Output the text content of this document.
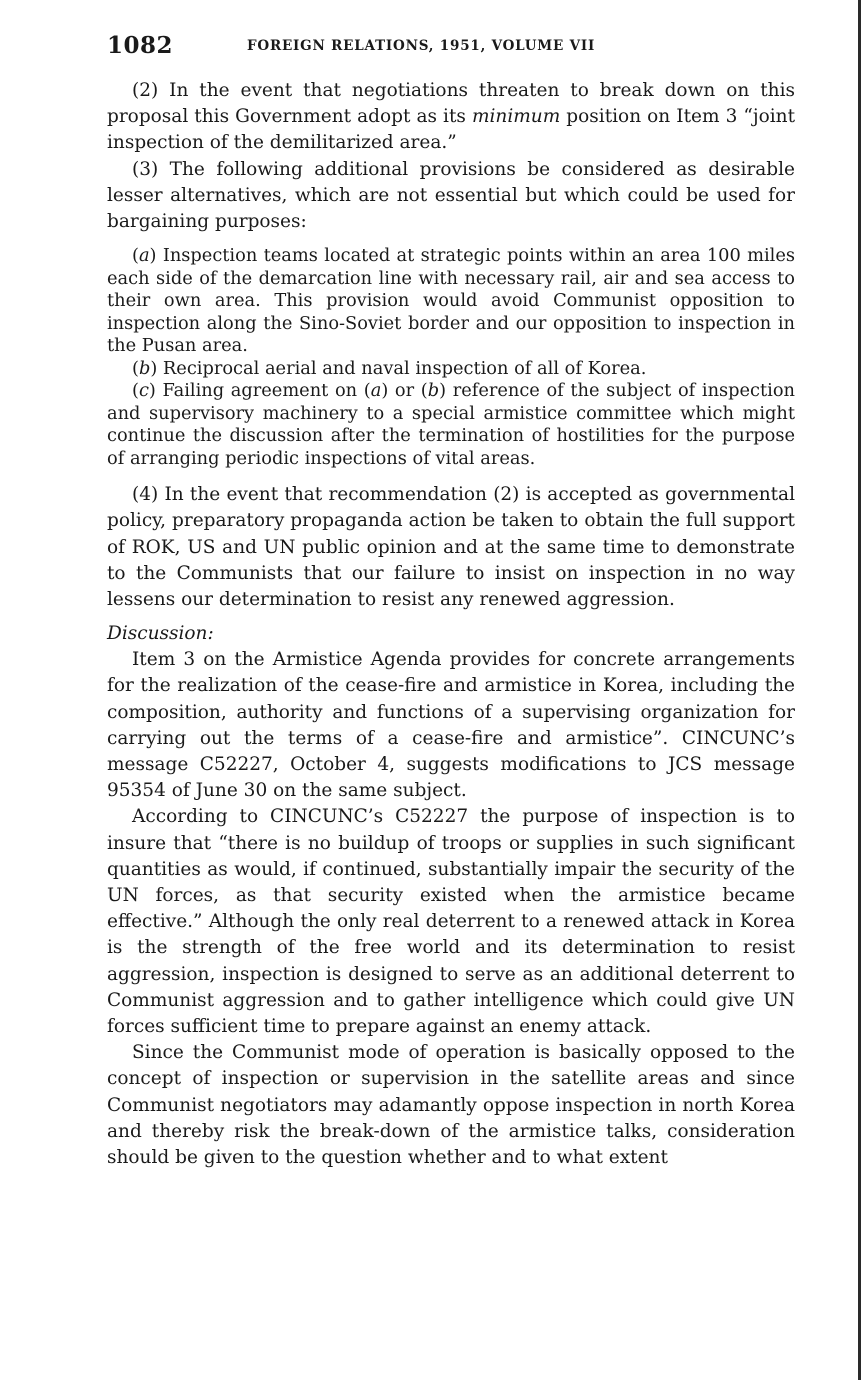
1082	FOREIGN RELATIONS, 1951, VOLUME VII

(2) In the event that negotiations threaten to break down on this proposal this Government adopt as its minimum position on Item 3 “joint inspection of the demilitarized area.”

(3) The following additional provisions be considered as desirable lesser alternatives, which are not essential but which could be used for bargaining purposes:

(a) Inspection teams located at strategic points within an area 100 miles each side of the demarcation line with necessary rail, air and sea access to their own area. This provision would avoid Communist opposition to inspection along the Sino-Soviet border and our opposition to inspection in the Pusan area.

(b) Reciprocal aerial and naval inspection of all of Korea.

(c) Failing agreement on (a) or (b) reference of the subject of inspection and supervisory machinery to a special armistice committee which might continue the discussion after the termination of hostilities for the purpose of arranging periodic inspections of vital areas.

(4) In the event that recommendation (2) is accepted as governmental policy, preparatory propaganda action be taken to obtain the full support of ROK, US and UN public opinion and at the same time to demonstrate to the Communists that our failure to insist on inspection in no way lessens our determination to resist any renewed aggression.

Discussion:

Item 3 on the Armistice Agenda provides for concrete arrangements for the realization of the cease-fire and armistice in Korea, including the composition, authority and functions of a supervising organization for carrying out the terms of a cease-fire and armistice”. CINCUNC’s message C52227, October 4, suggests modifications to JCS message 95354 of June 30 on the same subject.

According to CINCUNC’s C52227 the purpose of inspection is to insure that “there is no buildup of troops or supplies in such significant quantities as would, if continued, substantially impair the security of the UN forces, as that security existed when the armistice became effective.” Although the only real deterrent to a renewed attack in Korea is the strength of the free world and its determination to resist aggression, inspection is designed to serve as an additional deterrent to Communist aggression and to gather intelligence which could give UN forces sufficient time to prepare against an enemy attack.

Since the Communist mode of operation is basically opposed to the concept of inspection or supervision in the satellite areas and since Communist negotiators may adamantly oppose inspection in north Korea and thereby risk the break-down of the armistice talks, consideration should be given to the question whether and to what extent
